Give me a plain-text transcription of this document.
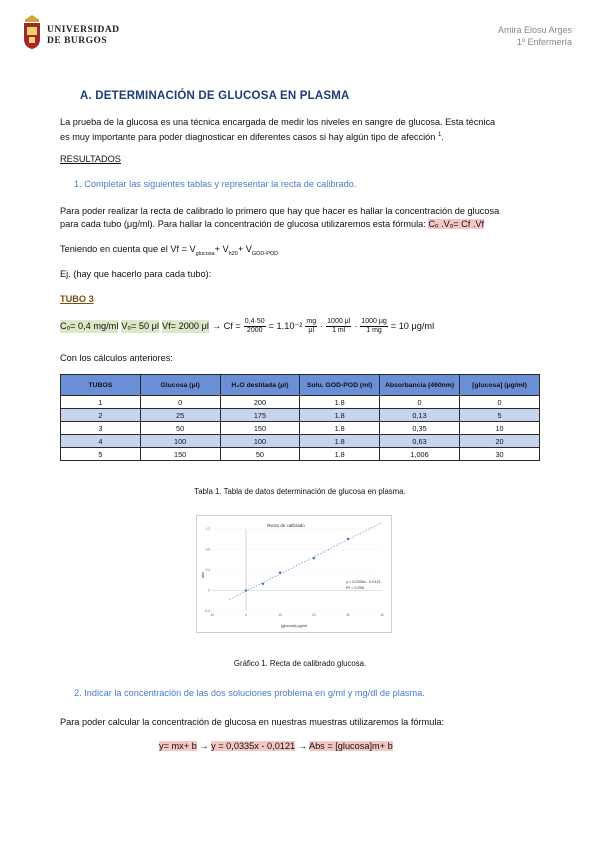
UNIVERSIDAD
DE BURGOS
Amira Elosu Arges
1º Enfermería
A. DETERMINACIÓN DE GLUCOSA EN PLASMA
La prueba de la glucosa es una técnica encargada de medir los niveles en sangre de glucosa. Esta técnica
es muy importante para poder diagnosticar en diferentes casos si hay algún tipo de afección $^1$.
RESULTADOS
1. Completar las siguientes tablas y representar la recta de calibrado.
Para poder realizar la recta de calibrado lo primero que hay que hacer es hallar la concentración de glucosa
para cada tubo (μg/ml). Para hallar la concentración de glucosa utilizaremos esta fórmula: Cₒ .Vₒ= Cf .Vf
Teniendo en cuenta que el $Vf = V_{glucosa}+ V_{h20}+ V_{GOD-POD}$
Ej. (hay que hacerlo para cada tubo):
TUBO 3
Cₒ= 0,4 mg/ml Vₒ= 50 μl Vf= 2000 $\mu l \to Cf = \frac{0,4\cdot 50}{2000} = 1.10^{-2} \frac{mg}{\mu l} \cdot \frac{1000 \mu l}{1 ml} \cdot \frac{1000 \mu g}{1 mg} = 10$ μg/ml
Con los cálculos anteriores:
TUBOS	Glucosa (μl)	H₂O destilada (μl)	Solu. GOD-POD (ml)	Absorbancia (460nm)	[glucosa] (μg/ml)
1	0	200	1.8	0	0
2	25	175	1.8	0,13	5
3	50	150	1.8	0,35	10
4	100	100	1.8	0,63	20
5	150	50	1.8	1,006	30
Tabla 1. Tabla de datos determinación de glucosa en plasma.
Recta de calibrado
-10	0	10	20	30	40
-0,4
0
0,4
0,8
1,2
y = 0,0335x - 0,0121
R² = 0,996
[glucosa] μg/ml
Abs
Gráfico 1. Recta de calibrado glucosa.
2. Indicar la concentración de las dos soluciones problema en g/ml y mg/dl de plasma.
Para poder calcular la concentración de glucosa en nuestras muestras utilizaremos la fórmula:
y= mx+ b → y = 0,0335x - 0,0121 → Abs = [glucosa]m+ b
